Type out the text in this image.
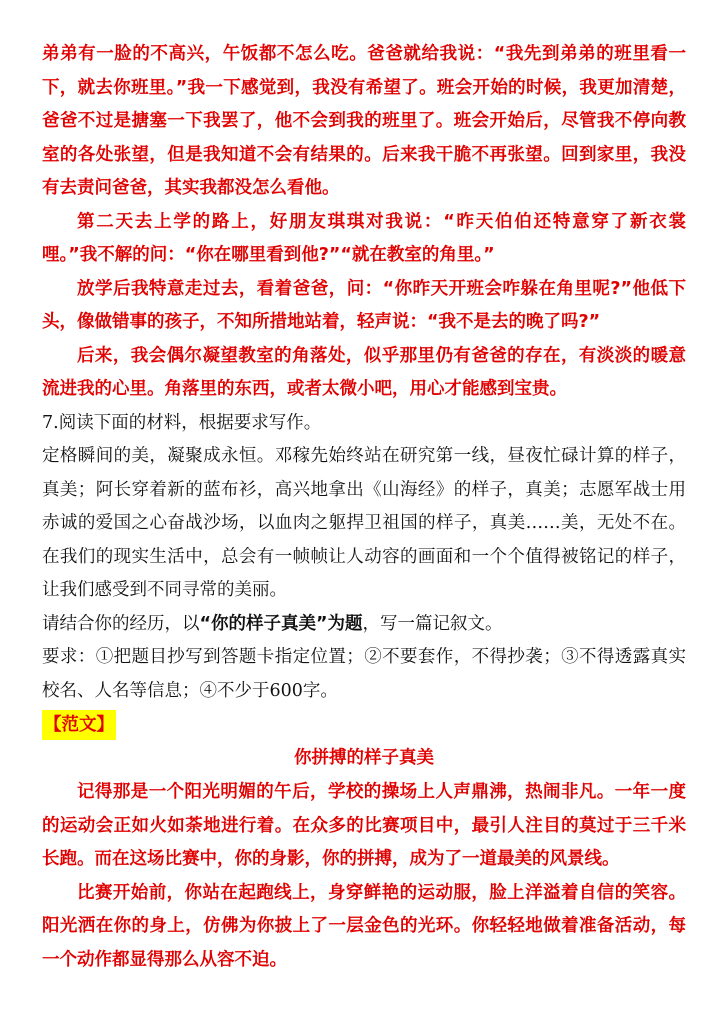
弟弟有一脸的不高兴，午饭都不怎么吃。爸爸就给我说：“我先到弟弟的班里看一下，就去你班里。”我一下感觉到，我没有希望了。班会开始的时候，我更加清楚，爸爸不过是搪塞一下我罢了，他不会到我的班里了。班会开始后，尽管我不停向教室的各处张望，但是我知道不会有结果的。后来我干脆不再张望。回到家里，我没有去责问爸爸，其实我都没怎么看他。

第二天去上学的路上，好朋友琪琪对我说：“昨天伯伯还特意穿了新衣裳哩。”我不解的问：“你在哪里看到他?”“就在教室的角里。”

放学后我特意走过去，看着爸爸，问：“你昨天开班会咋躲在角里呢?”他低下头，像做错事的孩子，不知所措地站着，轻声说：“我不是去的晚了吗?”

后来，我会偶尔凝望教室的角落处，似乎那里仍有爸爸的存在，有淡淡的暖意流进我的心里。角落里的东西，或者太微小吧，用心才能感到宝贵。

7.阅读下面的材料，根据要求写作。

定格瞬间的美，凝聚成永恒。邓稼先始终站在研究第一线，昼夜忙碌计算的样子，真美；阿长穿着新的蓝布衫，高兴地拿出《山海经》的样子，真美；志愿军战士用赤诚的爱国之心奋战沙场，以血肉之躯捍卫祖国的样子，真美……美，无处不在。在我们的现实生活中，总会有一帧帧让人动容的画面和一个个值得被铭记的样子，让我们感受到不同寻常的美丽。

请结合你的经历，以“你的样子真美”为题，写一篇记叙文。

要求：①把题目抄写到答题卡指定位置；②不要套作，不得抄袭；③不得透露真实校名、人名等信息；④不少于600字。

【范文】

你拼搏的样子真美

记得那是一个阳光明媚的午后，学校的操场上人声鼎沸，热闹非凡。一年一度的运动会正如火如荼地进行着。在众多的比赛项目中，最引人注目的莫过于三千米长跑。而在这场比赛中，你的身影，你的拼搏，成为了一道最美的风景线。

比赛开始前，你站在起跑线上，身穿鲜艳的运动服，脸上洋溢着自信的笑容。阳光洒在你的身上，仿佛为你披上了一层金色的光环。你轻轻地做着准备活动，每一个动作都显得那么从容不迫。
